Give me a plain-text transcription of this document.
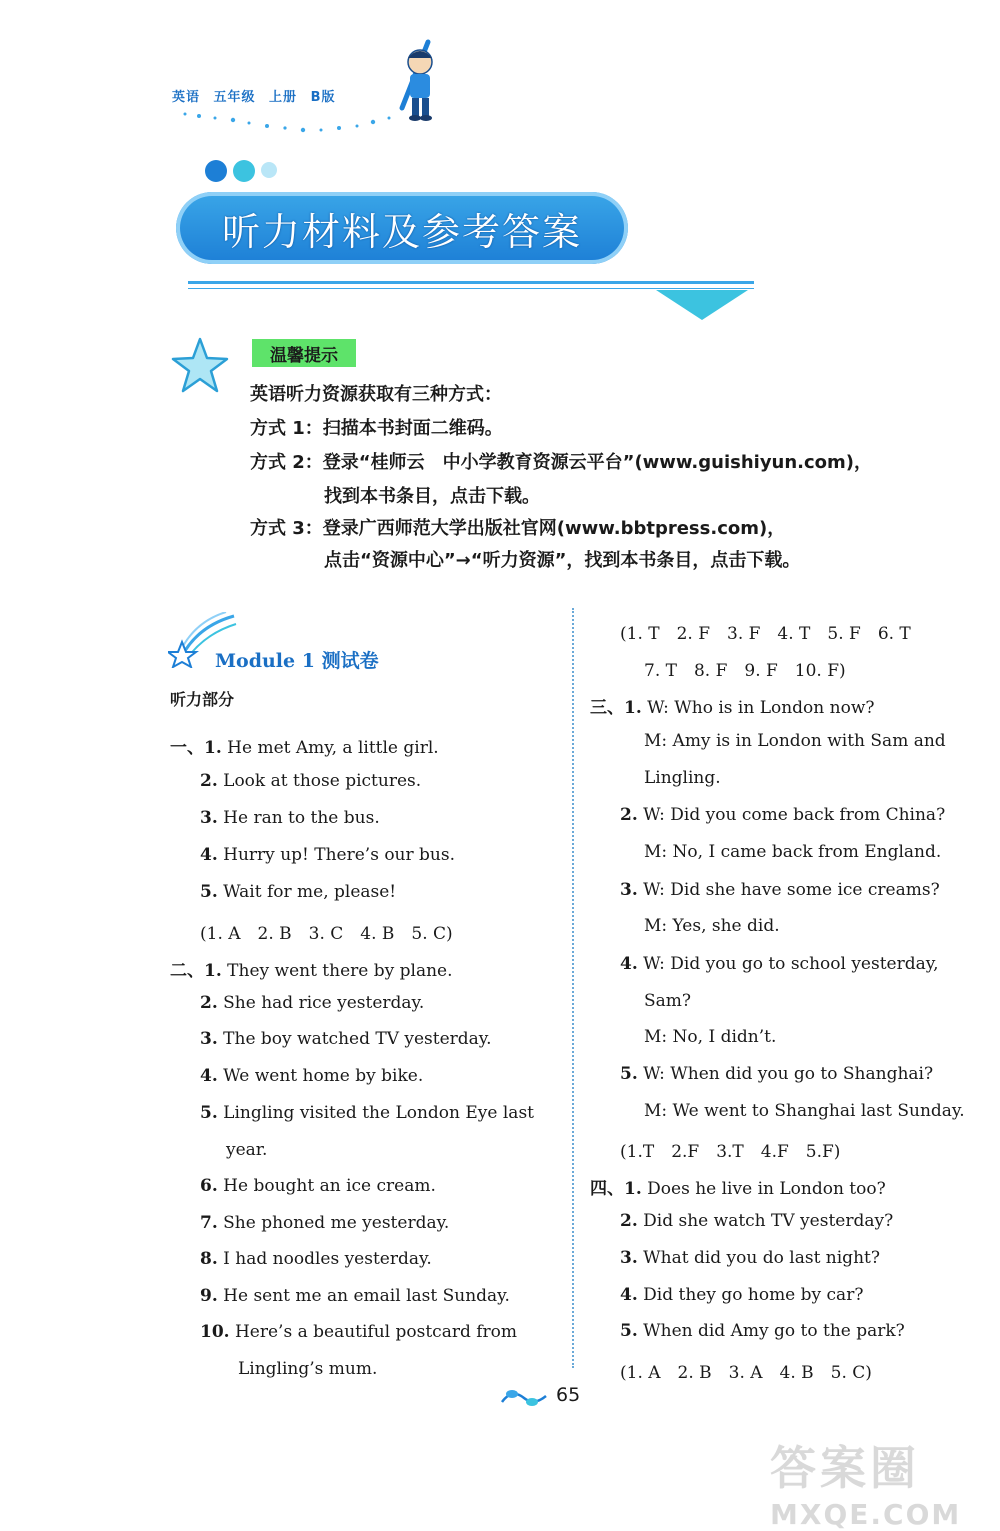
英语 五年级 上册 B版
听力材料及参考答案
温馨提示
英语听力资源获取有三种方式：
方式 1：扫描本书封面二维码。
方式 2：登录“桂师云　中小学教育资源云平台”(www.guishiyun.com)，
找到本书条目，点击下载。
方式 3：登录广西师范大学出版社官网(www.bbtpress.com)，
点击“资源中心”→“听力资源”，找到本书条目，点击下载。
Module 1 测试卷
听力部分
一、1. He met Amy, a little girl.
2. Look at those pictures.
3. He ran to the bus.
4. Hurry up! There’s our bus.
5. Wait for me, please!
(1. A　2. B　3. C　4. B　5. C)
二、1. They went there by plane.
2. She had rice yesterday.
3. The boy watched TV yesterday.
4. We went home by bike.
5. Lingling visited the London Eye last
year.
6. He bought an ice cream.
7. She phoned me yesterday.
8. I had noodles yesterday.
9. He sent me an email last Sunday.
10. Here’s a beautiful postcard from
Lingling’s mum.
(1. T　2. F　3. F　4. T　5. F　6. T
7. T　8. F　9. F　10. F)
三、1. W: Who is in London now?
M: Amy is in London with Sam and
Lingling.
2. W: Did you come back from China?
M: No, I came back from England.
3. W: Did she have some ice creams?
M: Yes, she did.
4. W: Did you go to school yesterday,
Sam?
M: No, I didn’t.
5. W: When did you go to Shanghai?
M: We went to Shanghai last Sunday.
(1.T　2.F　3.T　4.F　5.F)
四、1. Does he live in London too?
2. Did she watch TV yesterday?
3. What did you do last night?
4. Did they go home by car?
5. When did Amy go to the park?
(1. A　2. B　3. A　4. B　5. C)
65
答案圈
MXQE.COM
